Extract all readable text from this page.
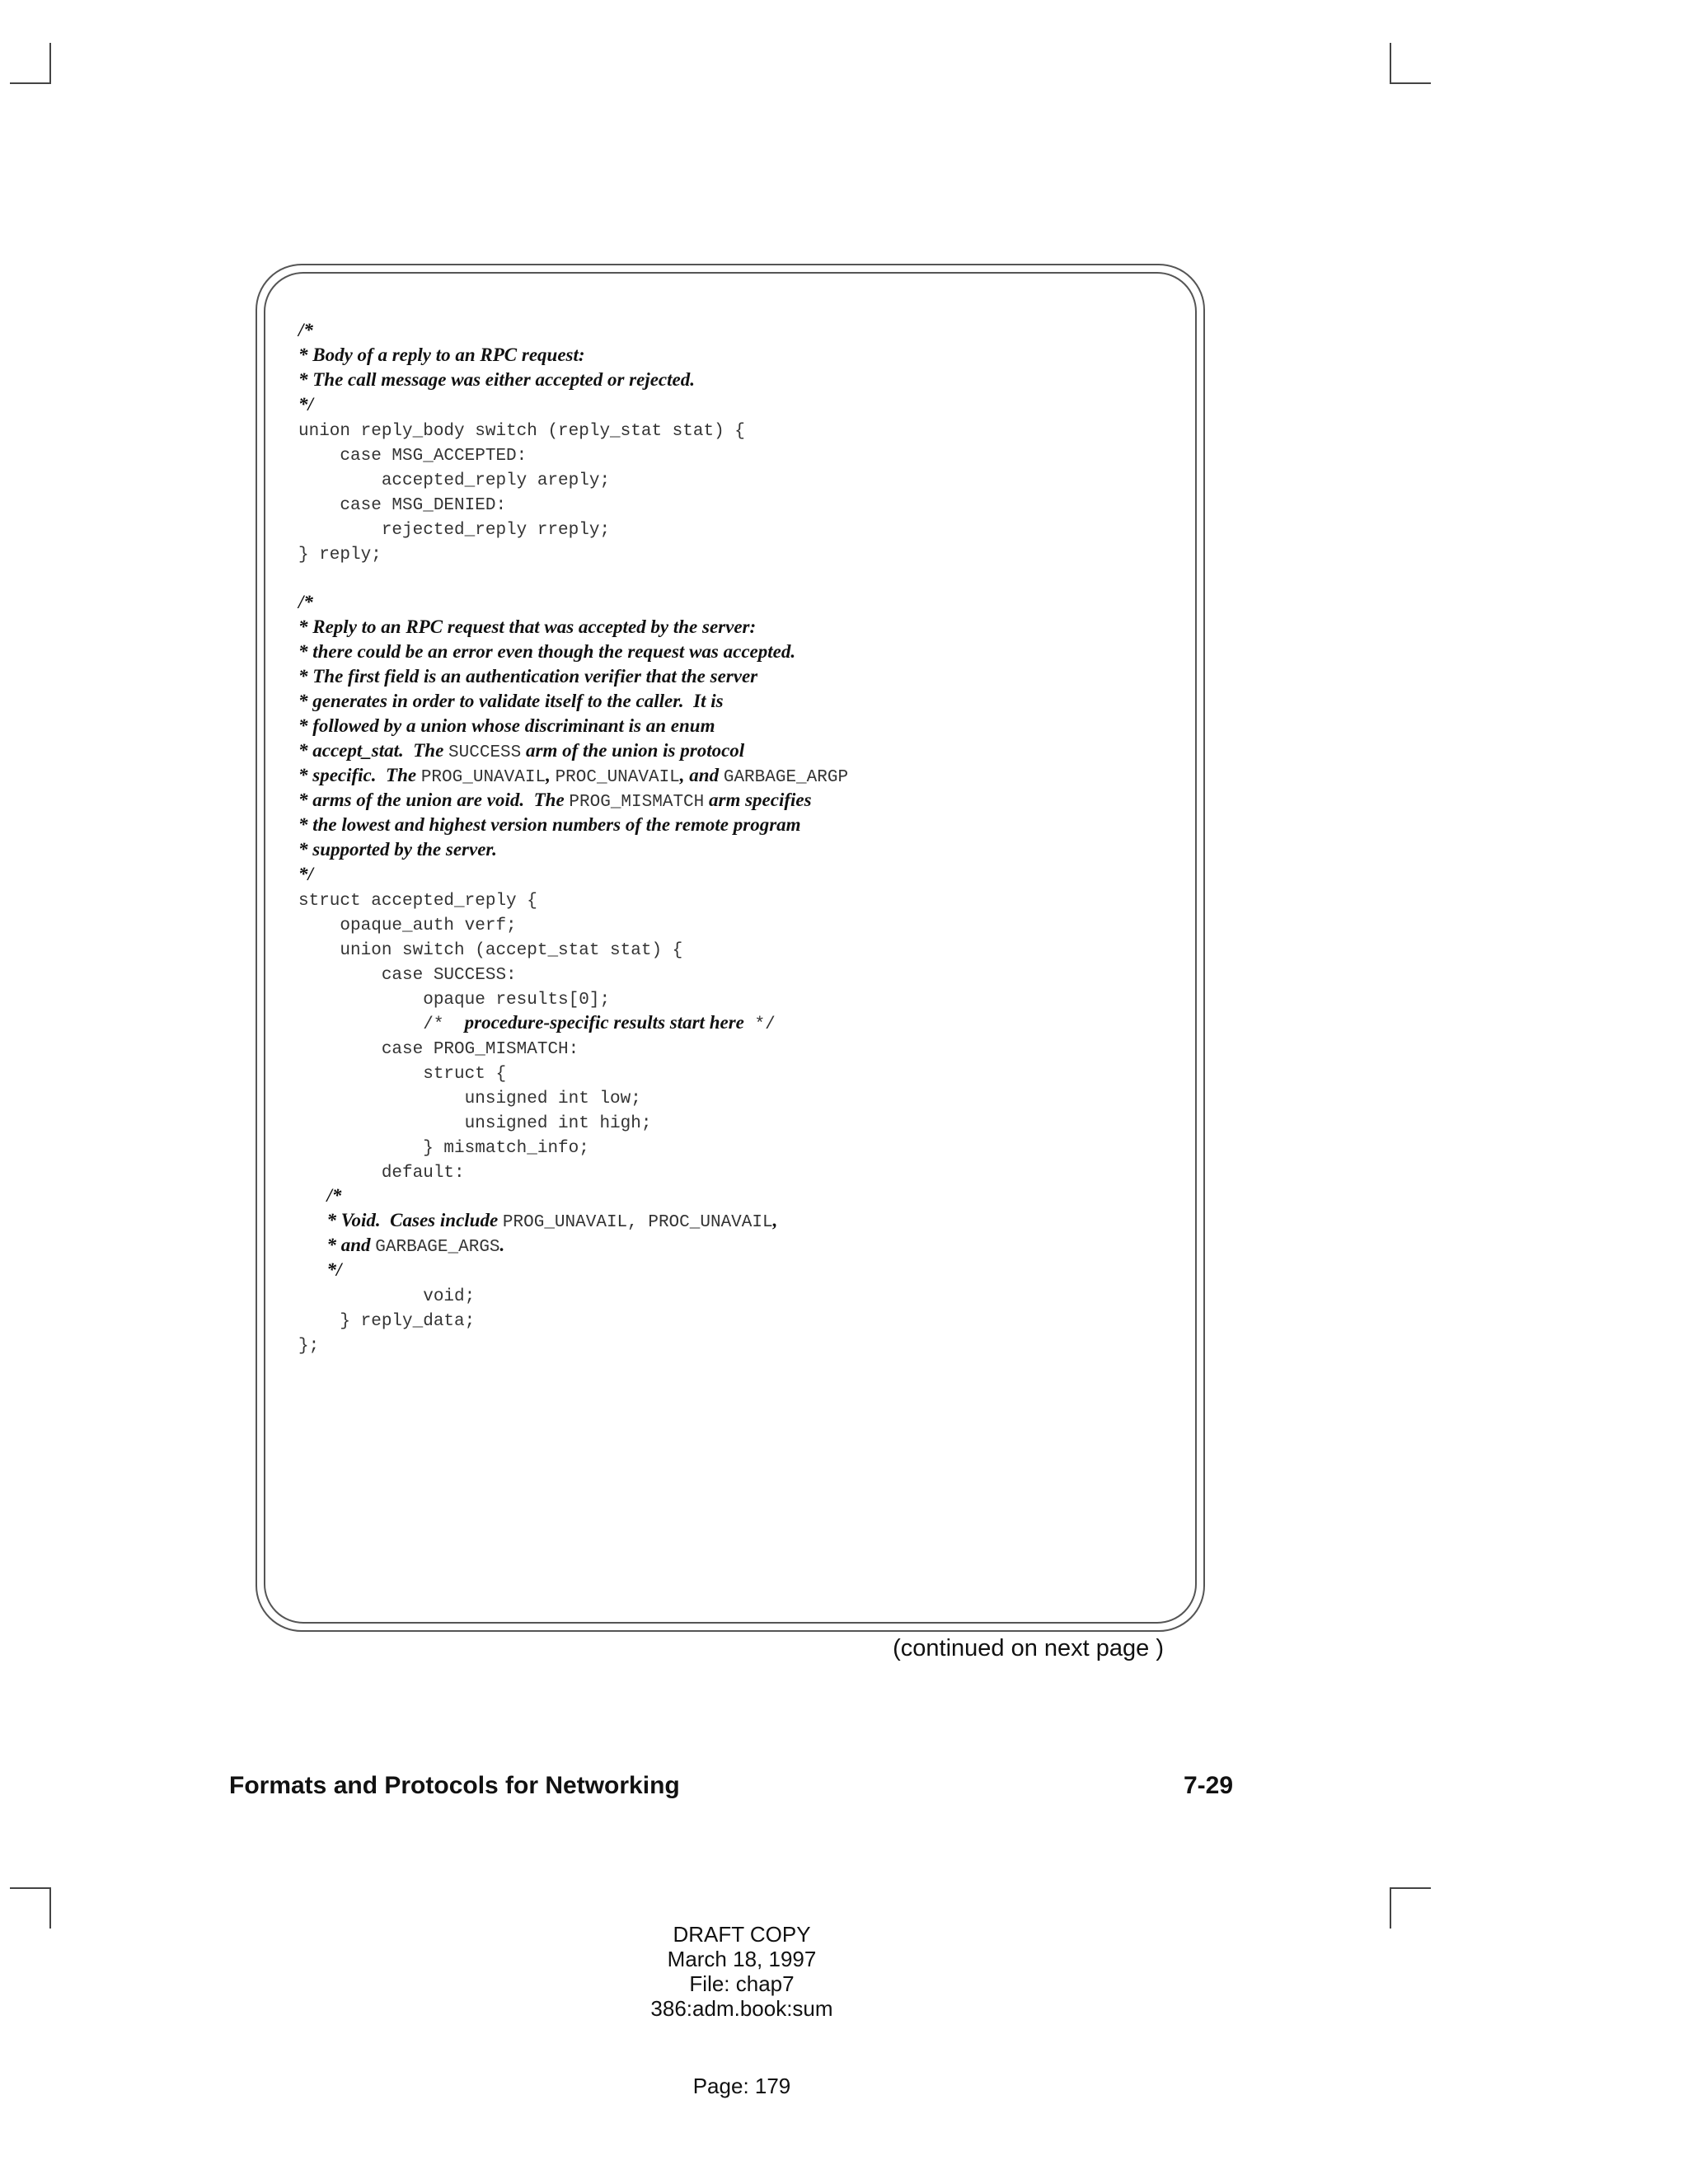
/*
* Body of a reply to an RPC request:
* The call message was either accepted or rejected.
*/
union reply_body switch (reply_stat stat) {
case MSG_ACCEPTED:
accepted_reply areply;
case MSG_DENIED:
rejected_reply rreply;
} reply;
/*
* Reply to an RPC request that was accepted by the server:
* there could be an error even though the request was accepted.
* The first field is an authentication verifier that the server
* generates in order to validate itself to the caller.  It is
* followed by a union whose discriminant is an enum
* accept_stat.  The SUCCESS arm of the union is protocol
* specific.  The PROG_UNAVAIL, PROC_UNAVAIL, and GARBAGE_ARGP
* arms of the union are void.  The PROG_MISMATCH arm specifies
* the lowest and highest version numbers of the remote program
* supported by the server.
*/
struct accepted_reply {
opaque_auth verf;
union switch (accept_stat stat) {
case SUCCESS:
opaque results[0];
/*  procedure-specific results start here */
case PROG_MISMATCH:
struct {
unsigned int low;
unsigned int high;
} mismatch_info;
default:
/*
* Void.  Cases include PROG_UNAVAIL, PROC_UNAVAIL,
* and GARBAGE_ARGS.
*/
void;
} reply_data;
};
(continued on next page )
Formats and Protocols for Networking	7-29
DRAFT COPY
March 18, 1997
File: chap7
386:adm.book:sum
Page: 179
